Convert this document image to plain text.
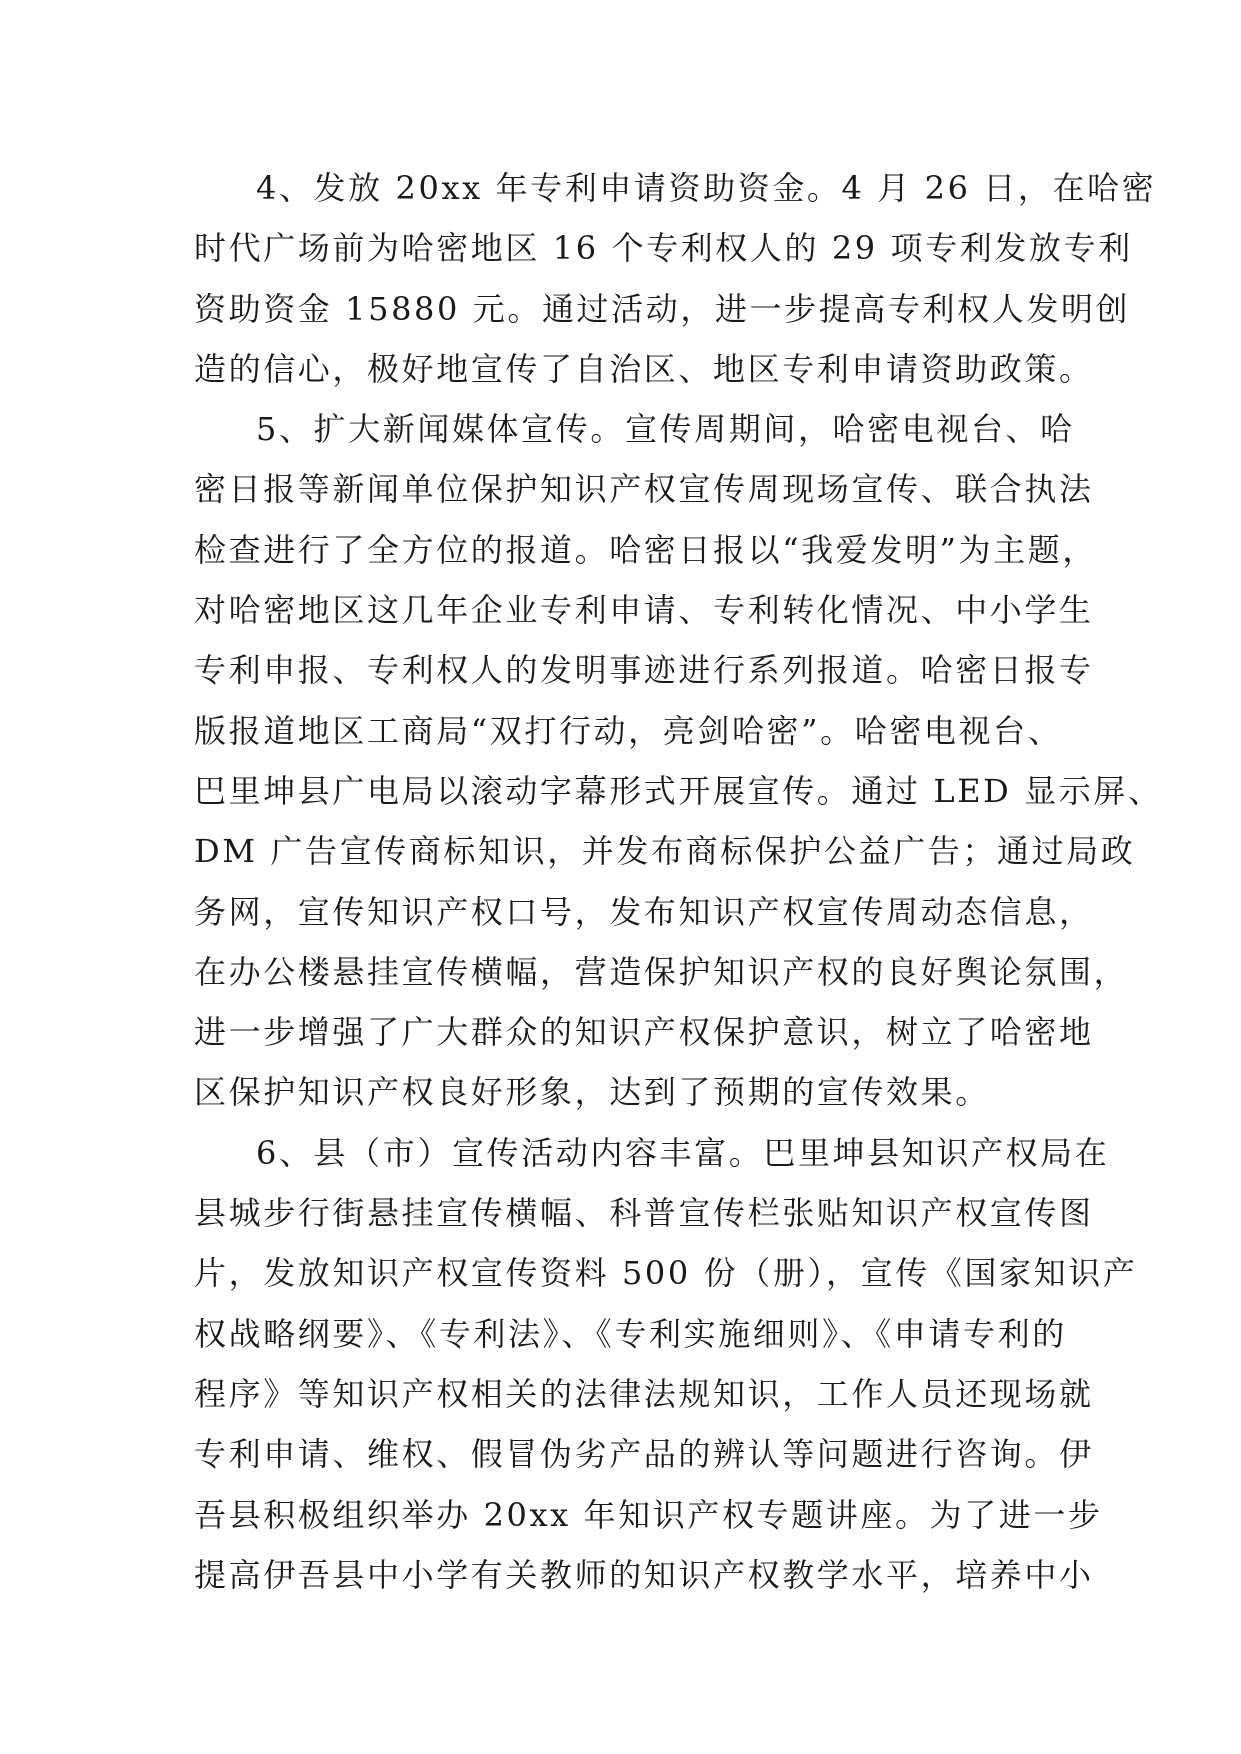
4、发放 20xx 年专利申请资助资金。4 月 26 日，在哈密
时代广场前为哈密地区 16 个专利权人的 29 项专利发放专利
资助资金 15880 元。通过活动，进一步提高专利权人发明创
造的信心，极好地宣传了自治区、地区专利申请资助政策。
5、扩大新闻媒体宣传。宣传周期间，哈密电视台、哈
密日报等新闻单位保护知识产权宣传周现场宣传、联合执法
检查进行了全方位的报道。哈密日报以“我爱发明”为主题，
对哈密地区这几年企业专利申请、专利转化情况、中小学生
专利申报、专利权人的发明事迹进行系列报道。哈密日报专
版报道地区工商局“双打行动，亮剑哈密”。哈密电视台、
巴里坤县广电局以滚动字幕形式开展宣传。通过 LED 显示屏、
DM 广告宣传商标知识，并发布商标保护公益广告；通过局政
务网，宣传知识产权口号，发布知识产权宣传周动态信息，
在办公楼悬挂宣传横幅，营造保护知识产权的良好舆论氛围，
进一步增强了广大群众的知识产权保护意识，树立了哈密地
区保护知识产权良好形象，达到了预期的宣传效果。
6、县（市）宣传活动内容丰富。巴里坤县知识产权局在
县城步行街悬挂宣传横幅、科普宣传栏张贴知识产权宣传图
片，发放知识产权宣传资料 500 份（册），宣传《国家知识产
权战略纲要》、《专利法》、《专利实施细则》、《申请专利的
程序》等知识产权相关的法律法规知识，工作人员还现场就
专利申请、维权、假冒伪劣产品的辨认等问题进行咨询。伊
吾县积极组织举办 20xx 年知识产权专题讲座。为了进一步
提高伊吾县中小学有关教师的知识产权教学水平，培养中小
